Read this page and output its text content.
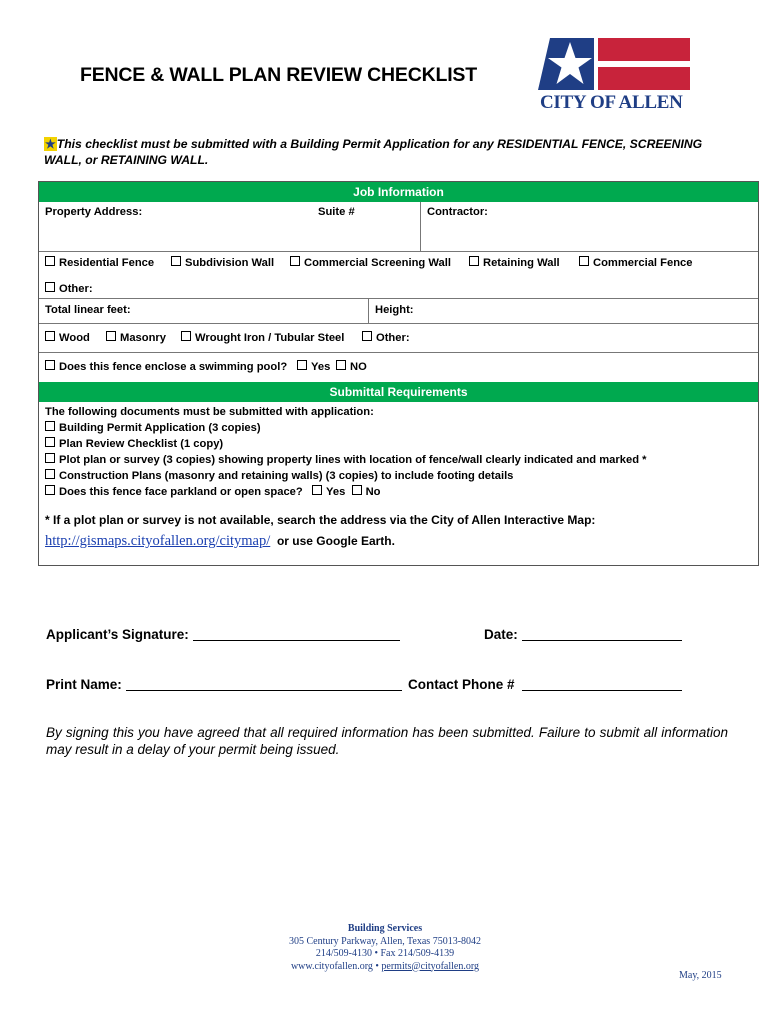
FENCE & WALL PLAN REVIEW CHECKLIST
CITY OF ALLEN
★This checklist must be submitted with a Building Permit Application for any RESIDENTIAL FENCE, SCREENING WALL, or RETAINING WALL.
Job Information
Property Address:	Suite #	Contractor:
Residential Fence	Subdivision Wall	Commercial Screening Wall	Retaining Wall	Commercial Fence
Other:
Total linear feet:	Height:
Wood	Masonry	Wrought Iron / Tubular Steel	Other:
Does this fence enclose a swimming pool?	Yes	NO
Submittal Requirements
The following documents must be submitted with application:
Building Permit Application (3 copies)
Plan Review Checklist (1 copy)
Plot plan or survey (3 copies) showing property lines with location of fence/wall clearly indicated and marked *
Construction Plans (masonry and retaining walls) (3 copies) to include footing details
Does this fence face parkland or open space? Yes No
* If a plot plan or survey is not available, search the address via the City of Allen Interactive Map:
http://gismaps.cityofallen.org/citymap/ or use Google Earth.
Applicant’s Signature:	Date:
Print Name:	Contact Phone #
By signing this you have agreed that all required information has been submitted. Failure to submit all information may result in a delay of your permit being issued.
Building Services
305 Century Parkway, Allen, Texas 75013-8042
214/509-4130 • Fax 214/509-4139
www.cityofallen.org • permits@cityofallen.org
May, 2015
